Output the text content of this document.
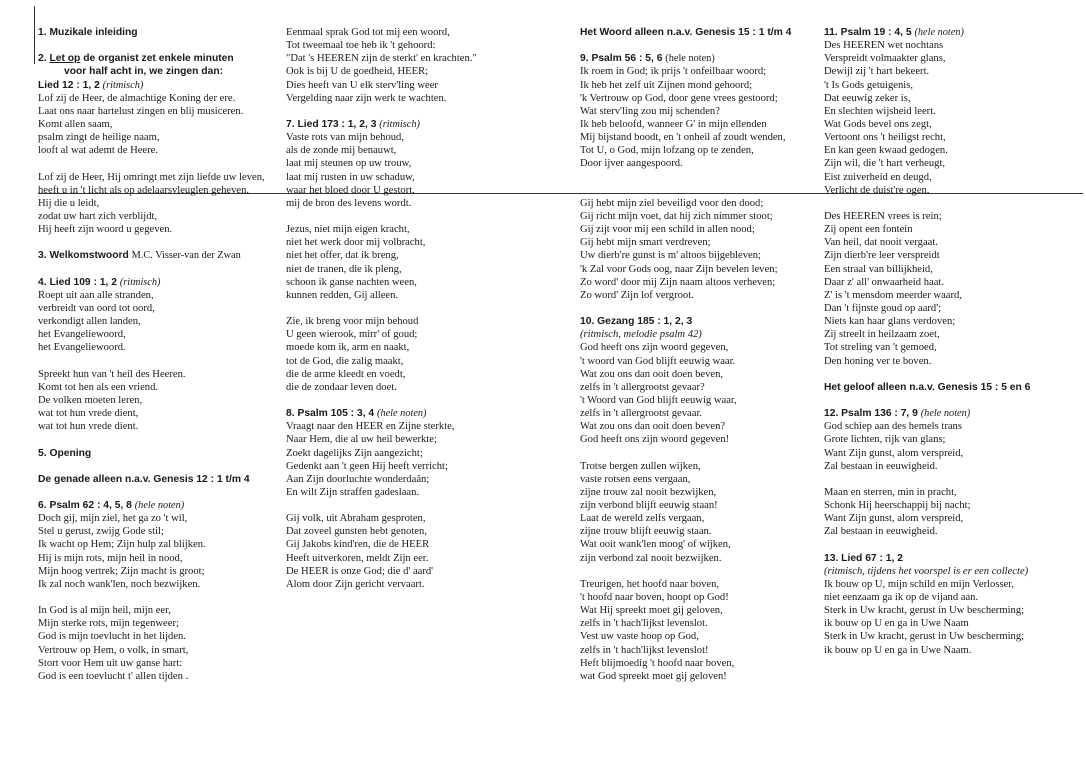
1. Muzikale inleiding
2. Let op de organist zet enkele minuten
voor half acht in, we zingen dan:
Lied 12 : 1, 2 (ritmisch)
Lof zij de Heer, de almachtige Koning der ere.
Laat ons naar hartelust zingen en blij musiceren.
Komt allen saam,
psalm zingt de heilige naam,
looft al wat ademt de Heere.
Lof zij de Heer, Hij omringt met zijn liefde uw leven,
heeft u in 't licht als op adelaarsvleuglen geheven.
Hij die u leidt,
zodat uw hart zich verblijdt,
Hij heeft zijn woord u gegeven.
3. Welkomstwoord M.C. Visser-van der Zwan
4. Lied 109 : 1, 2 (ritmisch)
Roept uit aan alle stranden,
verbreidt van oord tot oord,
verkondigt allen landen,
het Evangeliewoord,
het Evangeliewoord.
Spreekt hun van 't heil des Heeren.
Komt tot hen als een vriend.
De volken moeten leren,
wat tot hun vrede dient,
wat tot hun vrede dient.
5. Opening
De genade alleen n.a.v. Genesis 12 : 1 t/m 4
6. Psalm 62 : 4, 5, 8 (hele noten)
Doch gij, mijn ziel, het ga zo 't wil,
Stel u gerust, zwijg Gode stil;
Ik wacht op Hem; Zijn hulp zal blijken.
Hij is mijn rots, mijn heil in nood,
Mijn hoog vertrek; Zijn macht is groot;
Ik zal noch wank'len, noch bezwijken.
In God is al mijn heil, mijn eer,
Mijn sterke rots, mijn tegenweer;
God is mijn toevlucht in het lijden.
Vertrouw op Hem, o volk, in smart,
Stort voor Hem uit uw ganse hart:
God is een toevlucht t' allen tijden .
Eenmaal sprak God tot mij een woord,
Tot tweemaal toe heb ik 't gehoord:
"Dat 's HEEREN zijn de sterkt' en krachten."
Ook is bij U de goedheid, HEER;
Dies heeft van U elk sterv'ling weer
Vergelding naar zijn werk te wachten.
7. Lied 173 : 1, 2, 3 (ritmisch)
Vaste rots van mijn behoud,
als de zonde mij benauwt,
laat mij steunen op uw trouw,
laat mij rusten in uw schaduw,
waar het bloed door U gestort,
mij de bron des levens wordt.
Jezus, niet mijn eigen kracht,
niet het werk door mij volbracht,
niet het offer, dat ik breng,
niet de tranen, die ik pleng,
schoon ik ganse nachten ween,
kunnen redden, Gij alleen.
Zie, ik breng voor mijn behoud
U geen wierook, mirr' of goud;
moede kom ik, arm en naakt,
tot de God, die zalig maakt,
die de arme kleedt en voedt,
die de zondaar leven doet.
8. Psalm 105 : 3, 4 (hele noten)
Vraagt naar den HEER en Zijne sterkte,
Naar Hem, die al uw heil bewerkte;
Zoekt dagelijks Zijn aangezicht;
Gedenkt aan 't geen Hij heeft verricht;
Aan Zijn doorluchte wonderdaân;
En wilt Zijn straffen gadeslaan.
Gij volk, uit Abraham gesproten,
Dat zoveel gunsten hebt genoten,
Gij Jakobs kind'ren, die de HEER
Heeft uitverkoren, meldt Zijn eer.
De HEER is onze God; die d' aard'
Alom door Zijn gericht vervaart.
Het Woord alleen n.a.v. Genesis 15 : 1 t/m 4
9. Psalm 56 : 5, 6 (hele noten)
Ik roem in God; ik prijs 't onfeilbaar woord;
Ik heb het zelf uit Zijnen mond gehoord;
'k Vertrouw op God, door gene vrees gestoord;
Wat sterv'ling zou mij schenden?
Ik heb beloofd, wanneer G' in mijn ellenden
Mij bijstand boodt, en 't onheil af zoudt wenden,
Tot U, o God, mijn lofzang op te zenden,
Door ijver aangespoord.
Gij hebt mijn ziel beveiligd voor den dood;
Gij richt mijn voet, dat hij zich nimmer stoot;
Gij zijt voor mij een schild in allen nood;
Gij hebt mijn smart verdreven;
Uw dierb're gunst is m' altoos bijgebleven;
'k Zal voor Gods oog, naar Zijn bevelen leven;
Zo word' door mij Zijn naam altoos verheven;
Zo word' Zijn lof vergroot.
10. Gezang 185 : 1, 2, 3
(ritmisch, melodie psalm 42)
God heeft ons zijn woord gegeven,
't woord van God blijft eeuwig waar.
Wat zou ons dan ooit doen beven,
zelfs in 't allergrootst gevaar?
't Woord van God blijft eeuwig waar,
zelfs in 't allergrootst gevaar.
Wat zou ons dan ooit doen beven?
God heeft ons zijn woord gegeven!
Trotse bergen zullen wijken,
vaste rotsen eens vergaan,
zijne trouw zal nooit bezwijken,
zijn verbond blijft eeuwig staan!
Laat de wereld zelfs vergaan,
zijne trouw blijft eeuwig staan.
Wat ooit wank'len moog' of wijken,
zijn verbond zal nooit bezwijken.
Treurigen, het hoofd naar boven,
't hoofd naar boven, hoopt op God!
Wat Hij spreekt moet gij geloven,
zelfs in 't hach'lijkst levenslot.
Vest uw vaste hoop op God,
zelfs in 't hach'lijkst levenslot!
Heft blijmoedig 't hoofd naar boven,
wat God spreekt moet gij geloven!
11. Psalm 19 : 4, 5 (hele noten)
Des HEEREN wet nochtans
Verspreidt volmaakter glans,
Dewijl zij 't hart bekeert.
't Is Gods getuigenis,
Dat eeuwig zeker is,
En slechten wijsheid leert.
Wat Gods bevel ons zegt,
Vertoont ons 't heiligst recht,
En kan geen kwaad gedogen.
Zijn wil, die 't hart verheugt,
Eist zuiverheid en deugd,
Verlicht de duist're ogen.
Des HEEREN vrees is rein;
Zij opent een fontein
Van heil, dat nooit vergaat.
Zijn dierb're leer verspreidt
Een straal van billijkheid,
Daar z' all' onwaarheid haat.
Z' is 't mensdom meerder waard,
Dan 't fijnste goud op aard';
Niets kan haar glans verdoven;
Zij streelt in heilzaam zoet,
Tot streling van 't gemoed,
Den honing ver te boven.
Het geloof alleen n.a.v. Genesis 15 : 5 en 6
12. Psalm 136 : 7, 9 (hele noten)
God schiep aan des hemels trans
Grote lichten, rijk van glans;
Want Zijn gunst, alom verspreid,
Zal bestaan in eeuwigheid.
Maan en sterren, min in pracht,
Schonk Hij heerschappij bij nacht;
Want Zijn gunst, alom verspreid,
Zal bestaan in eeuwigheid.
13. Lied 67 : 1, 2
(ritmisch, tijdens het voorspel is er een collecte)
Ik bouw op U, mijn schild en mijn Verlosser,
niet eenzaam ga ik op de vijand aan.
Sterk in Uw kracht, gerust in Uw bescherming;
ik bouw op U en ga in Uwe Naam
Sterk in Uw kracht, gerust in Uw bescherming;
ik bouw op U en ga in Uwe Naam.
